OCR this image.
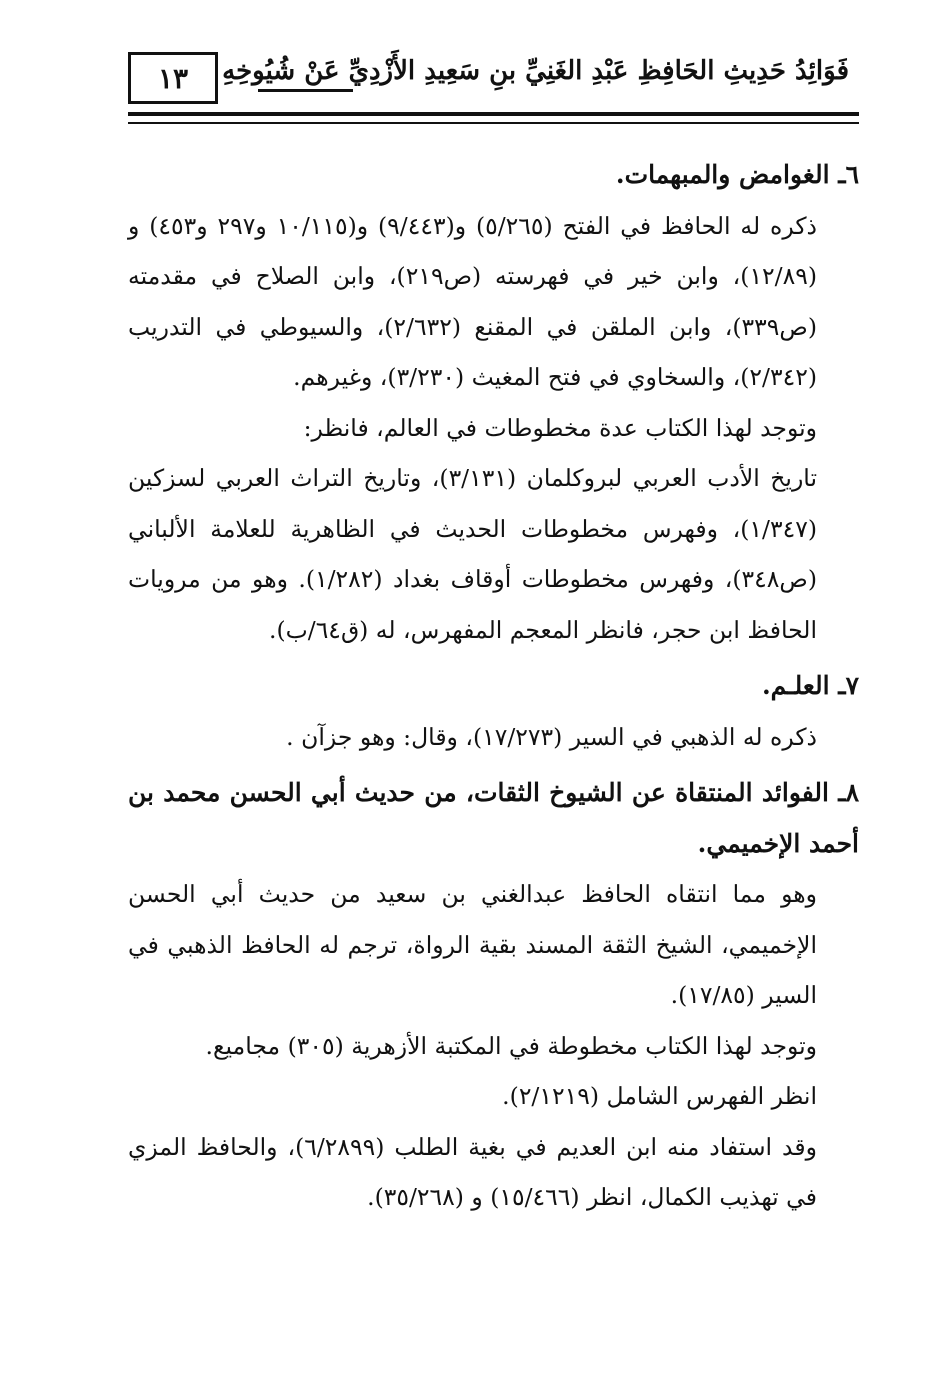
فَوَائِدُ حَدِيثِ الحَافِظِ عَبْدِ الغَنِيِّ بنِ سَعِيدِ الأَزْدِيِّ عَنْ شُيُوخِهِ
١٣

٦ـ الغوامض والمبهمات.

ذكره له الحافظ في الفتح (٥/٢٦٥) و(٩/٤٤٣) و(١٠/١١٥ و٢٩٧ و٤٥٣) و (١٢/٨٩)، وابن خير في فهرسته (ص٢١٩)، وابن الصلاح في مقدمته (ص٣٣٩)، وابن الملقن في المقنع (٢/٦٣٢)، والسيوطي في التدريب (٢/٣٤٢)، والسخاوي في فتح المغيث (٣/٢٣٠)، وغيرهم.

وتوجد لهذا الكتاب عدة مخطوطات في العالم، فانظر:

تاريخ الأدب العربي لبروكلمان (٣/١٣١)، وتاريخ التراث العربي لسزكين (١/٣٤٧)، وفهرس مخطوطات الحديث في الظاهرية للعلامة الألباني (ص٣٤٨)، وفهرس مخطوطات أوقاف بغداد (١/٢٨٢). وهو من مرويات الحافظ ابن حجر، فانظر المعجم المفهرس، له (ق٦٤/ب).

٧ـ العلـم.

ذكره له الذهبي في السير (١٧/٢٧٣)، وقال: وهو جزآن .

٨ـ الفوائد المنتقاة عن الشيوخ الثقات، من حديث أبي الحسن محمد بن أحمد الإخميمي.

وهو مما انتقاه الحافظ عبدالغني بن سعيد من حديث أبي الحسن الإخميمي، الشيخ الثقة المسند بقية الرواة، ترجم له الحافظ الذهبي في السير (١٧/٨٥).

وتوجد لهذا الكتاب مخطوطة في المكتبة الأزهرية (٣٠٥) مجاميع.

انظر الفهرس الشامل (٢/١٢١٩).

وقد استفاد منه ابن العديم في بغية الطلب (٦/٢٨٩٩)، والحافظ المزي في تهذيب الكمال، انظر (١٥/٤٦٦) و (٣٥/٢٦٨).
